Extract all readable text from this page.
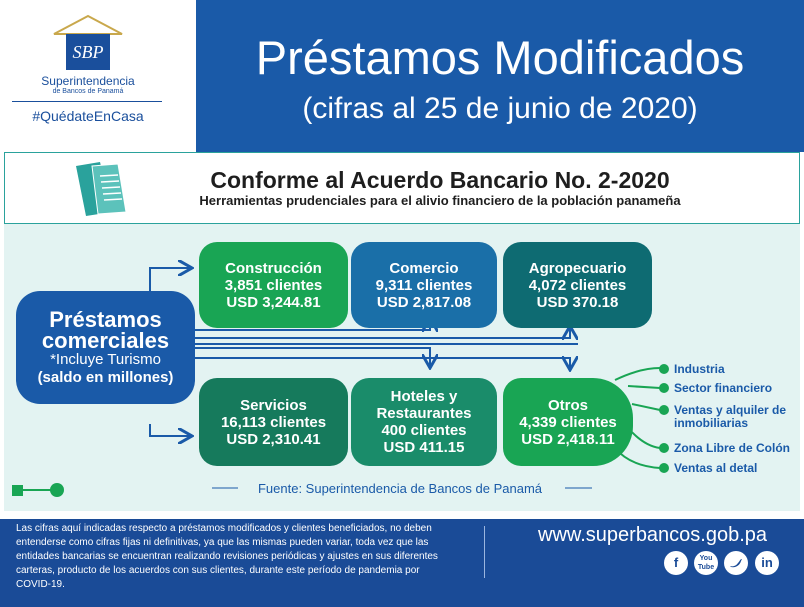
SBP
Superintendencia
de Bancos de Panamá
#QuédateEnCasa
Préstamos Modificados
(cifras al 25 de junio de 2020)
Conforme al Acuerdo Bancario No. 2-2020
Herramientas prudenciales para el alivio financiero de la población panameña
Préstamos
comerciales
*Incluye Turismo
(saldo en millones)
Construcción
3,851 clientes
USD 3,244.81
Comercio
9,311 clientes
USD 2,817.08
Agropecuario
4,072 clientes
USD 370.18
Servicios
16,113 clientes
USD 2,310.41
Hoteles y
Restaurantes
400 clientes
USD 411.15
Otros
4,339 clientes
USD 2,418.11
Industria
Sector financiero
Ventas y alquiler de
inmobiliarias
Zona Libre de Colón
Ventas al detal
Fuente: Superintendencia de Bancos de Panamá
Las cifras aquí indicadas respecto a préstamos modificados y clientes beneficiados, no deben entenderse como cifras fijas ni definitivas, ya que las mismas pueden variar, toda vez que las entidades bancarias se encuentran realizando revisiones periódicas y ajustes en sus diferentes carteras, producto de los acuerdos con sus clientes, durante este período de pandemia por COVID-19.
www.superbancos.gob.pa
f	You Tube	in
